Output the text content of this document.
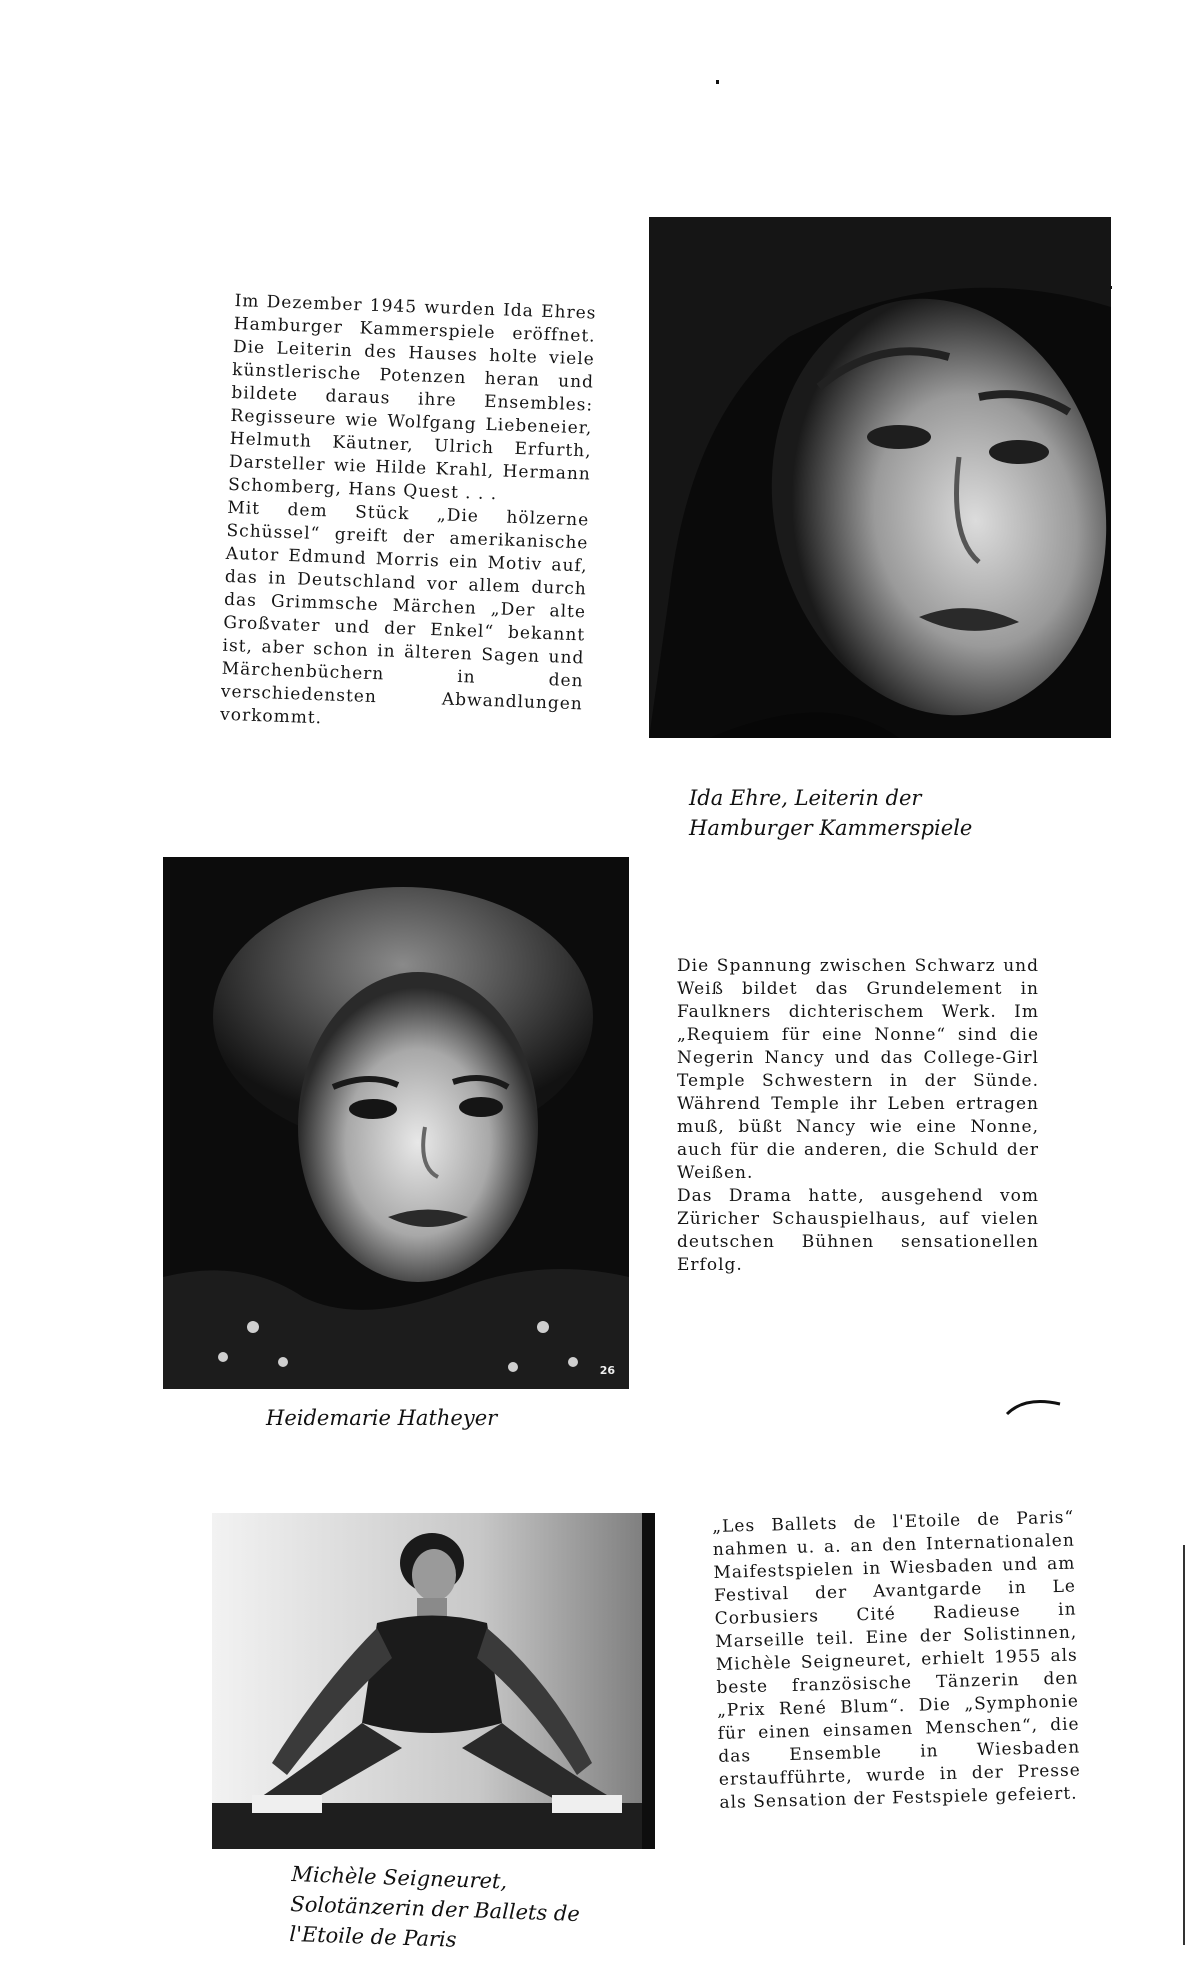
Im Dezember 1945 wurden Ida Ehres Hamburger Kammerspiele eröffnet. Die Leiterin des Hauses holte viele künstlerische Potenzen heran und bildete daraus ihre Ensembles: Regisseure wie Wolfgang Liebeneier, Helmuth Käutner, Ulrich Erfurth, Darsteller wie Hilde Krahl, Hermann Schomberg, Hans Quest . . .
Mit dem Stück „Die hölzerne Schüssel“ greift der amerikanische Autor Edmund Morris ein Motiv auf, das in Deutschland vor allem durch das Grimmsche Märchen „Der alte Großvater und der Enkel“ bekannt ist, aber schon in älteren Sagen und Märchenbüchern in den verschiedensten Abwandlungen vorkommt.
Ida Ehre, Leiterin der Hamburger Kammerspiele
26
Heidemarie Hatheyer
Die Spannung zwischen Schwarz und Weiß bildet das Grundelement in Faulkners dichterischem Werk. Im „Requiem für eine Nonne“ sind die Negerin Nancy und das College-Girl Temple Schwestern in der Sünde. Während Temple ihr Leben ertragen muß, büßt Nancy wie eine Nonne, auch für die anderen, die Schuld der Weißen.
Das Drama hatte, ausgehend vom Züricher Schauspielhaus, auf vielen deutschen Bühnen sensationellen Erfolg.
Michèle Seigneuret, Solotänzerin der Ballets de l'Etoile de Paris
„Les Ballets de l'Etoile de Paris“ nahmen u. a. an den Internationalen Maifestspielen in Wiesbaden und am Festival der Avantgarde in Le Corbusiers Cité Radieuse in Marseille teil. Eine der Solistinnen, Michèle Seigneuret, erhielt 1955 als beste französische Tänzerin den „Prix René Blum“. Die „Symphonie für einen einsamen Menschen“, die das Ensemble in Wiesbaden erstaufführte, wurde in der Presse als Sensation der Festspiele gefeiert.
